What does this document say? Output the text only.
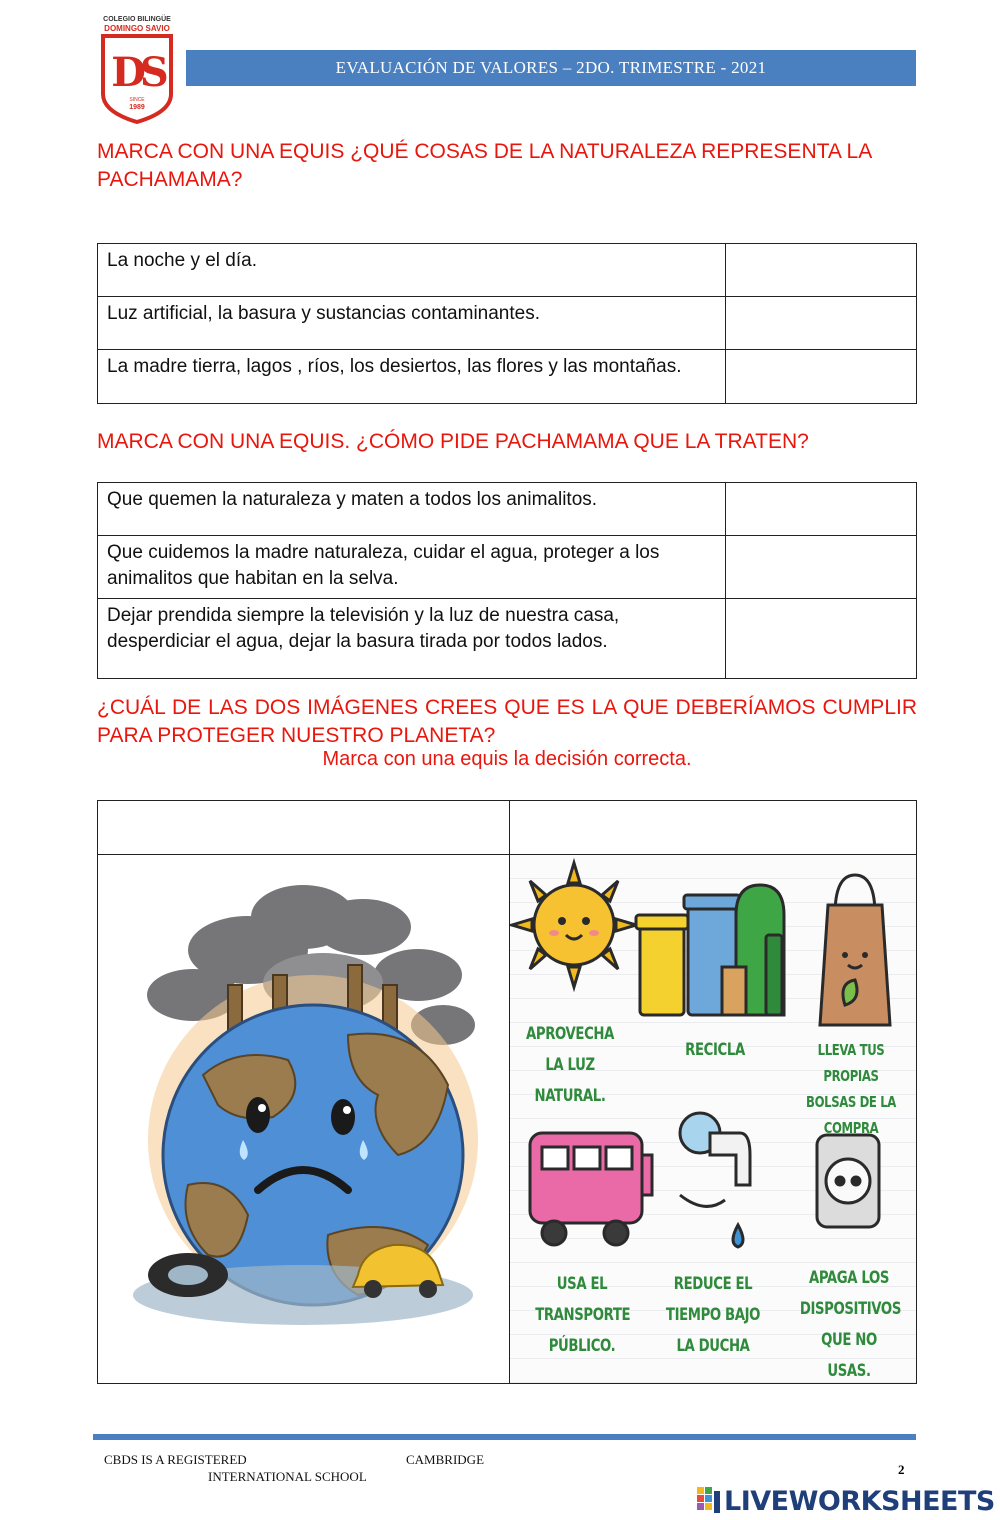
COLEGIO BILINGÜE
DOMINGO SAVIO
DS
SINCE
1989
EVALUACIÓN DE VALORES – 2DO. TRIMESTRE - 2021

MARCA CON UNA EQUIS ¿QUÉ COSAS DE LA NATURALEZA REPRESENTA LA PACHAMAMA?

La noche y el día.	
Luz artificial, la basura y sustancias contaminantes.	
La madre tierra, lagos , ríos, los desiertos, las flores y las montañas.	

MARCA CON UNA EQUIS. ¿CÓMO PIDE PACHAMAMA QUE LA TRATEN?

Que quemen la naturaleza y maten a todos los animalitos.	
Que cuidemos la madre naturaleza, cuidar el agua, proteger a los animalitos que habitan en la selva.	
Dejar prendida siempre la televisión y la luz de nuestra casa, desperdiciar el agua, dejar la basura tirada por todos lados.	

¿CUÁL DE LAS DOS IMÁGENES CREES QUE ES LA QUE DEBERÍAMOS CUMPLIR PARA PROTEGER NUESTRO PLANETA?

Marca con una equis la decisión correcta.
APROVECHA LA LUZ NATURAL.
RECICLA	LLEVA TUS PROPIAS BOLSAS DE LA COMPRA
USA EL TRANSPORTE PÚBLICO.
REDUCE EL TIEMPO BAJO LA DUCHA
APAGA LOS DISPOSITIVOS QUE NO USAS.
CBDS IS A REGISTERED	CAMBRIDGE
INTERNATIONAL SCHOOL	2
LIVEWORKSHEETS
